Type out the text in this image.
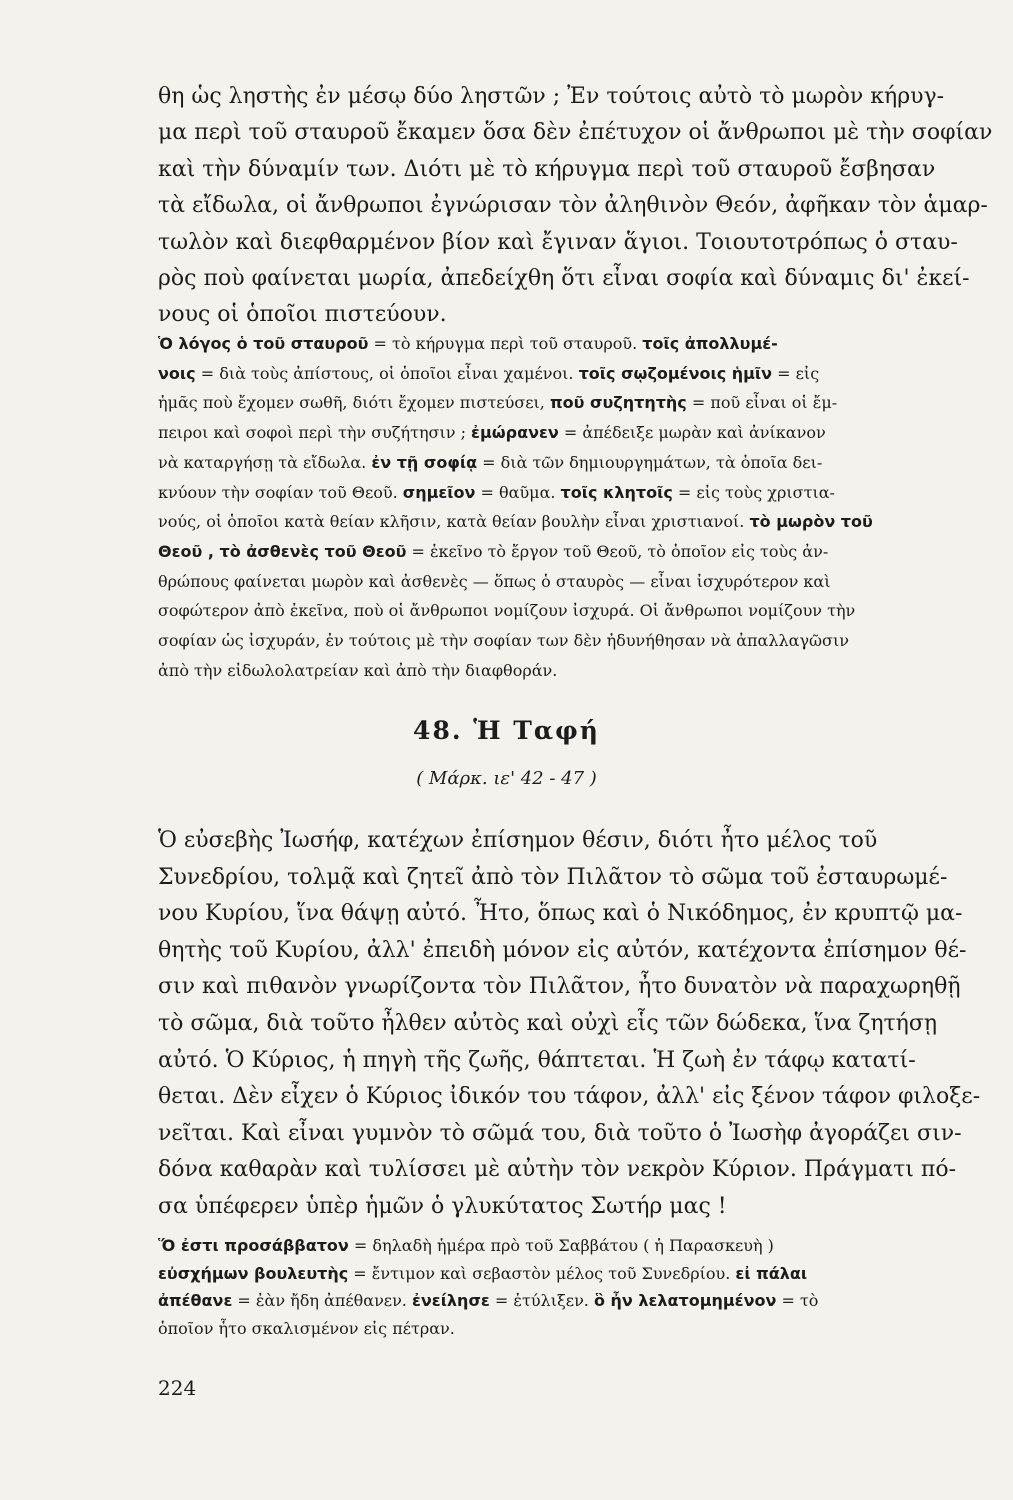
θη ὡς ληστὴς ἐν μέσῳ δύο ληστῶν ; Ἐν τούτοις αὐτὸ τὸ μωρὸν κήρυγ-
μα περὶ τοῦ σταυροῦ ἔκαμεν ὅσα δὲν ἐπέτυχον οἱ ἄνθρωποι μὲ τὴν σοφίαν
καὶ τὴν δύναμίν των. Διότι μὲ τὸ κήρυγμα περὶ τοῦ σταυροῦ ἔσβησαν
τὰ εἴδωλα, οἱ ἄνθρωποι ἐγνώρισαν τὸν ἀληθινὸν Θεόν, ἀφῆκαν τὸν ἁμαρ-
τωλὸν καὶ διεφθαρμένον βίον καὶ ἔγιναν ἅγιοι. Τοιουτοτρόπως ὁ σταυ-
ρὸς ποὺ φαίνεται μωρία, ἀπεδείχθη ὅτι εἶναι σοφία καὶ δύναμις δι' ἐκεί-
νους οἱ ὁποῖοι πιστεύουν.

Ὁ λόγος ὁ τοῦ σταυροῦ = τὸ κήρυγμα περὶ τοῦ σταυροῦ. τοῖς ἀπολλυμέ-
νοις = διὰ τοὺς ἀπίστους, οἱ ὁποῖοι εἶναι χαμένοι. τοῖς σῳζομένοις ἡμῖν = εἰς
ἡμᾶς ποὺ ἔχομεν σωθῆ, διότι ἔχομεν πιστεύσει, ποῦ συζητητὴς = ποῦ εἶναι οἱ ἔμ-
πειροι καὶ σοφοὶ περὶ τὴν συζήτησιν ; ἐμώρανεν = ἀπέδειξε μωρὰν καὶ ἀνίκανον
νὰ καταργήσῃ τὰ εἴδωλα. ἐν τῇ σοφίᾳ = διὰ τῶν δημιουργημάτων, τὰ ὁποῖα δει-
κνύουν τὴν σοφίαν τοῦ Θεοῦ. σημεῖον = θαῦμα. τοῖς κλητοῖς = εἰς τοὺς χριστια-
νούς, οἱ ὁποῖοι κατὰ θείαν κλῆσιν, κατὰ θείαν βουλὴν εἶναι χριστιανοί. τὸ μωρὸν τοῦ
Θεοῦ , τὸ ἀσθενὲς τοῦ Θεοῦ = ἐκεῖνο τὸ ἔργον τοῦ Θεοῦ, τὸ ὁποῖον εἰς τοὺς ἀν-
θρώπους φαίνεται μωρὸν καὶ ἀσθενὲς — ὅπως ὁ σταυρὸς — εἶναι ἰσχυρότερον καὶ
σοφώτερον ἀπὸ ἐκεῖνα, ποὺ οἱ ἄνθρωποι νομίζουν ἰσχυρά. Οἱ ἄνθρωποι νομίζουν τὴν
σοφίαν ὡς ἰσχυράν, ἐν τούτοις μὲ τὴν σοφίαν των δὲν ἠδυνήθησαν νὰ ἀπαλλαγῶσιν
ἀπὸ τὴν εἰδωλολατρείαν καὶ ἀπὸ τὴν διαφθοράν.

48. Ἡ Ταφή
( Μάρκ. ιε' 42 - 47 )

Ὁ εὐσεβὴς Ἰωσήφ, κατέχων ἐπίσημον θέσιν, διότι ἦτο μέλος τοῦ
Συνεδρίου, τολμᾷ καὶ ζητεῖ ἀπὸ τὸν Πιλᾶτον τὸ σῶμα τοῦ ἐσταυρωμέ-
νου Κυρίου, ἵνα θάψῃ αὐτό. Ἦτο, ὅπως καὶ ὁ Νικόδημος, ἐν κρυπτῷ μα-
θητὴς τοῦ Κυρίου, ἀλλ' ἐπειδὴ μόνον εἰς αὐτόν, κατέχοντα ἐπίσημον θέ-
σιν καὶ πιθανὸν γνωρίζοντα τὸν Πιλᾶτον, ἦτο δυνατὸν νὰ παραχωρηθῇ
τὸ σῶμα, διὰ τοῦτο ἦλθεν αὐτὸς καὶ οὐχὶ εἷς τῶν δώδεκα, ἵνα ζητήσῃ
αὐτό. Ὁ Κύριος, ἡ πηγὴ τῆς ζωῆς, θάπτεται. Ἡ ζωὴ ἐν τάφῳ κατατί-
θεται. Δὲν εἶχεν ὁ Κύριος ἰδικόν του τάφον, ἀλλ' εἰς ξένον τάφον φιλοξε-
νεῖται. Καὶ εἶναι γυμνὸν τὸ σῶμά του, διὰ τοῦτο ὁ Ἰωσὴφ ἀγοράζει σιν-
δόνα καθαρὰν καὶ τυλίσσει μὲ αὐτὴν τὸν νεκρὸν Κύριον. Πράγματι πό-
σα ὑπέφερεν ὑπὲρ ἡμῶν ὁ γλυκύτατος Σωτήρ μας !

Ὅ ἐστι προσάββατον = δηλαδὴ ἡμέρα πρὸ τοῦ Σαββάτου ( ἡ Παρασκευὴ )
εὐσχήμων βουλευτὴς = ἔντιμον καὶ σεβαστὸν μέλος τοῦ Συνεδρίου. εἰ πάλαι
ἀπέθανε = ἐὰν ἤδη ἀπέθανεν. ἐνείλησε = ἐτύλιξεν. ὃ ἦν λελατομημένον = τὸ
ὁποῖον ἦτο σκαλισμένον εἰς πέτραν.

224
